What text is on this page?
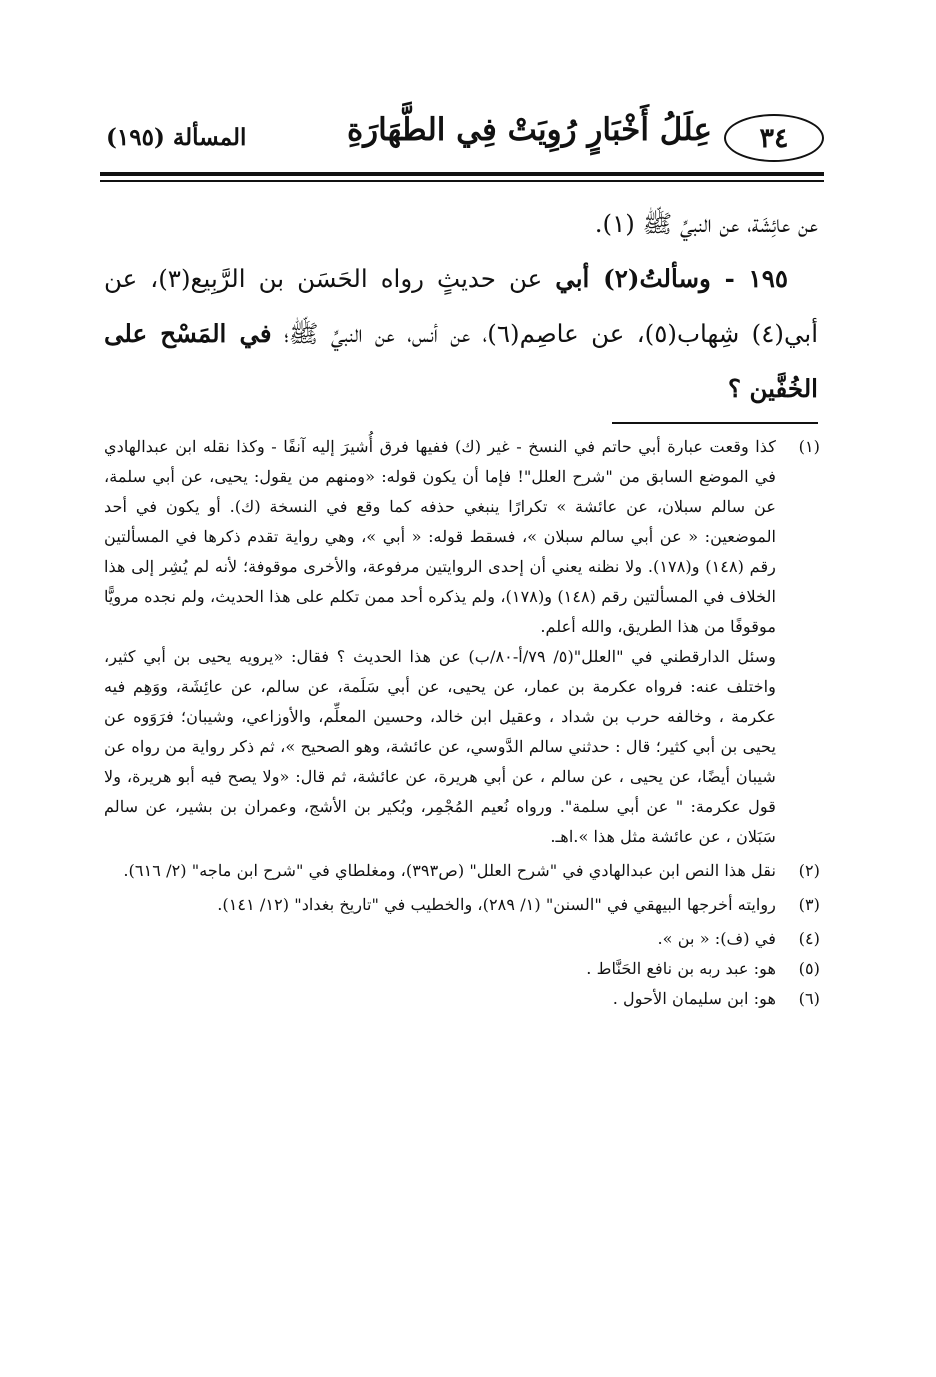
٣٤
عِلَلُ أَخْبَارٍ رُوِيَتْ فِي الطَّهَارَةِ
المسألة (١٩٥)

عن عائِشَة، عن النبيِّ ﷺ (١).

١٩٥ - وسألتُ(٢) أبي عن حديثٍ رواه الحَسَن بن الرَّبِيع(٣)، عن أبي(٤) شِهاب(٥)، عن عاصِم(٦)، عن أنس، عن النبيِّ ﷺ؛ في المَسْح على الخُفَّين ؟

(١)

كذا وقعت عبارة أبي حاتم في النسخ - غير (ك) ففيها فرق أُشيرَ إليه آنفًا - وكذا نقله ابن عبدالهادي في الموضع السابق من "شرح العلل"! فإما أن يكون قوله: «ومنهم من يقول: يحيى، عن أبي سلمة، عن سالم سبلان، عن عائشة » تكرارًا ينبغي حذفه كما وقع في النسخة (ك). أو يكون في أحد الموضعين: « عن أبي سالم سبلان »، فسقط قوله: « أبي »، وهي رواية تقدم ذكرها في المسألتين رقم (١٤٨) و(١٧٨). ولا نظنه يعني أن إحدى الروايتين مرفوعة، والأخرى موقوفة؛ لأنه لم يُشِر إلى هذا الخلاف في المسألتين رقم (١٤٨) و(١٧٨)، ولم يذكره أحد ممن تكلم على هذا الحديث، ولم نجده مرويًّا موقوفًا من هذا الطريق، والله أعلم.

وسئل الدارقطني في "العلل"(٥/ ٧٩/أ-٨٠/ب) عن هذا الحديث ؟ فقال: «يرويه يحيى بن أبي كثير، واختلف عنه: فرواه عكرمة بن عمار، عن يحيى، عن أبي سَلَمة، عن سالم، عن عائِشَة، ووَهِم فيه عكرمة ، وخالفه حرب بن شداد ، وعقيل ابن خالد، وحسين المعلِّم، والأوزاعي، وشيبان؛ فرَوَوه عن يحيى بن أبي كثير؛ قال : حدثني سالم الدَّوسي، عن عائشة، وهو الصحيح »، ثم ذكر رواية من رواه عن شيبان أيضًا، عن يحيى ، عن سالم ، عن أبي هريرة، عن عائشة، ثم قال: «ولا يصح فيه أبو هريرة، ولا قول عكرمة: " عن أبي سلمة". ورواه نُعيم المُجْمِر، وبُكير بن الأشج، وعمران بن بشير، عن سالم سَبَلان ، عن عائشة مثل هذا ».اهـ.

(٢)

نقل هذا النص ابن عبدالهادي في "شرح العلل" (ص٣٩٣)، ومغلطاي في "شرح ابن ماجه" (٢/ ٦١٦).

(٣)

روايته أخرجها البيهقي في "السنن" (١/ ٢٨٩)، والخطيب في "تاريخ بغداد" (١٢/ ١٤١).

(٤)

في (ف): « بن ».

(٥)

هو: عبد ربه بن نافع الحَنَّاط .

(٦)

هو: ابن سليمان الأحول .
